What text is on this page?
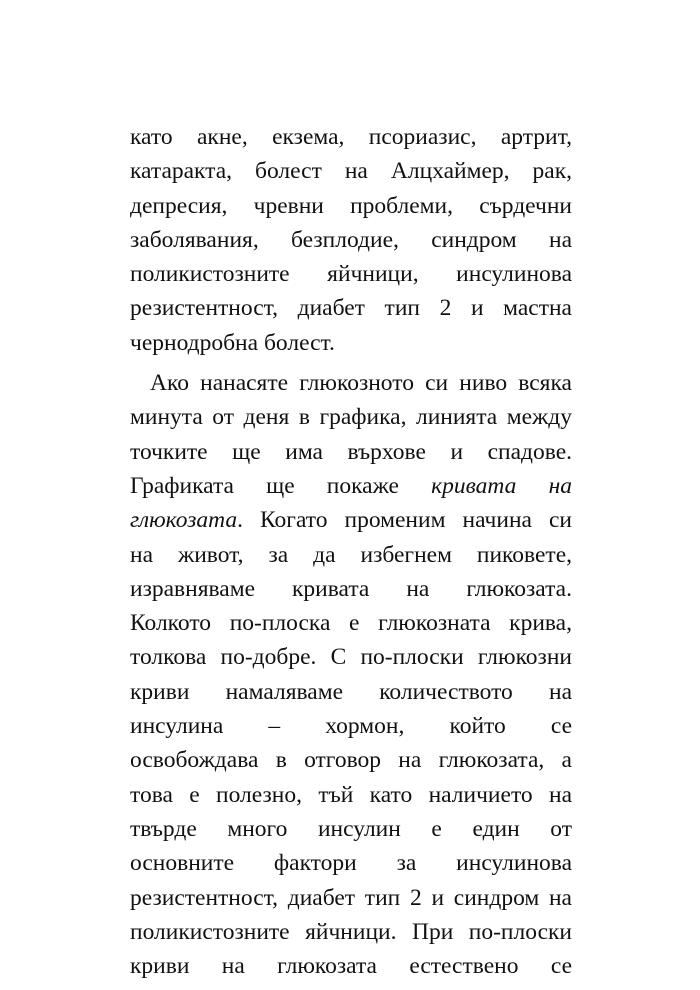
като акне, екзема, псориазис, артрит,
катаракта, болест на Алцхаймер, рак,
депресия, чревни проблеми, сърдечни
заболявания, безплодие, синдром на
поликистозните яйчници, инсулинова
резистентност, диабет тип 2 и мастна
чернодробна болест.
Ако нанасяте глюкозното си ниво всяка
минута от деня в графика, линията между
точките ще има върхове и спадове.
Графиката ще покаже кривата на
глюкозата. Когато променим начина си
на живот, за да избегнем пиковете,
изравняваме кривата на глюкозата.
Колкото по-плоска е глюкозната крива,
толкова по-добре. С по-плоски глюкозни
криви намаляваме количеството на
инсулина – хормон, който се
освобождава в отговор на глюкозата, а
това е полезно, тъй като наличието на
твърде много инсулин е един от
основните фактори за инсулинова
резистентност, диабет тип 2 и синдром на
поликистозните яйчници. При по-плоски
криви на глюкозата естествено се
